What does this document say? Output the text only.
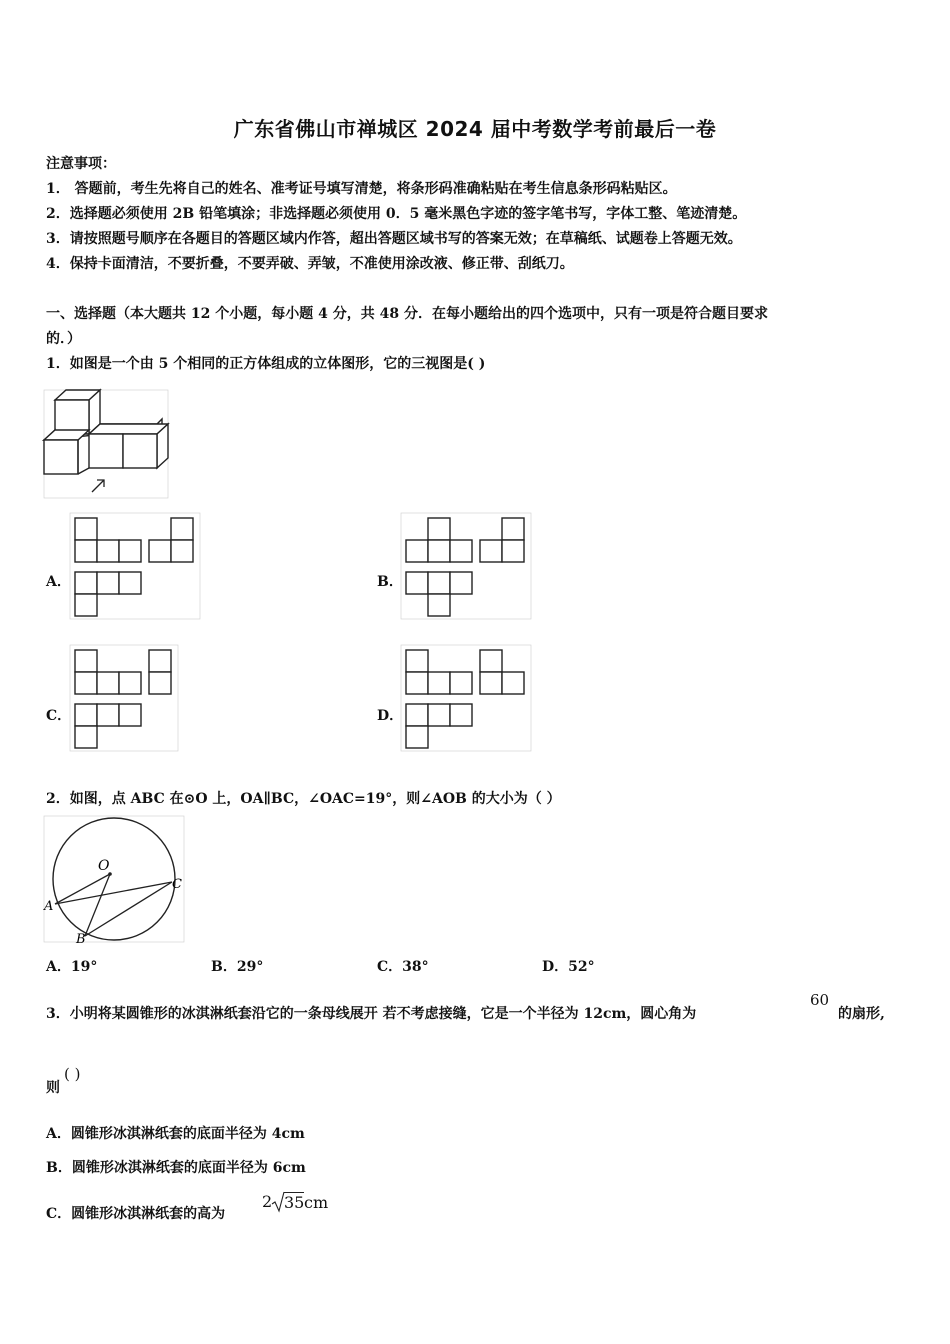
广东省佛山市禅城区 2024 届中考数学考前最后一卷
注意事项：
1． 答题前，考生先将自己的姓名、准考证号填写清楚，将条形码准确粘贴在考生信息条形码粘贴区。
2．选择题必须使用 2B 铅笔填涂；非选择题必须使用 0．5 毫米黑色字迹的签字笔书写，字体工整、笔迹清楚。
3．请按照题号顺序在各题目的答题区域内作答，超出答题区域书写的答案无效；在草稿纸、试题卷上答题无效。
4．保持卡面清洁，不要折叠，不要弄破、弄皱，不准使用涂改液、修正带、刮纸刀。
一、选择题（本大题共 12 个小题，每小题 4 分，共 48 分．在每小题给出的四个选项中，只有一项是符合题目要求
的．）
1．如图是一个由 5 个相同的正方体组成的立体图形，它的三视图是( )
A．	B．
C．	D．
2．如图，点 ABC 在⊙O 上，OA∥BC，∠OAC=19°，则∠AOB 的大小为（ ）
O
A
B
C
A．19°	B．29°	C．38°	D．52°
3．小明将某圆锥形的冰淇淋纸套沿它的一条母线展开 若不考虑接缝，它是一个半径为 12cm，圆心角为
60
的扇形,
则
( )
A．圆锥形冰淇淋纸套的底面半径为 4cm
B．圆锥形冰淇淋纸套的底面半径为 6cm
C．圆锥形冰淇淋纸套的高为
2 35 cm
